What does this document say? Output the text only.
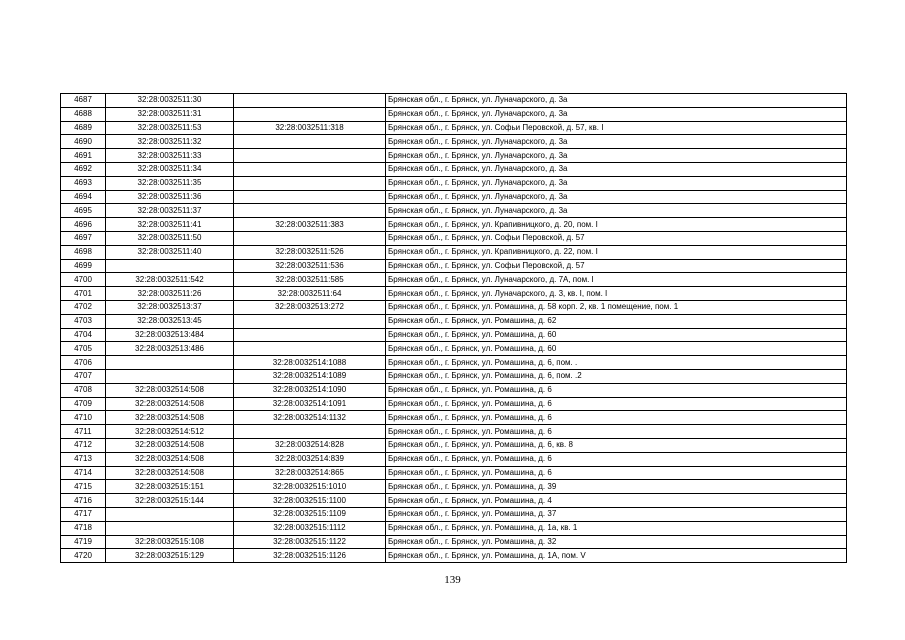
4687	32:28:0032511:30		Брянская обл., г. Брянск, ул. Луначарского, д. 3а
4688	32:28:0032511:31		Брянская обл., г. Брянск, ул. Луначарского, д. 3а
4689	32:28:0032511:53	32:28:0032511:318	Брянская обл., г. Брянск, ул. Софьи Перовской, д. 57, кв. I
4690	32:28:0032511:32		Брянская обл., г. Брянск, ул. Луначарского, д. 3а
4691	32:28:0032511:33		Брянская обл., г. Брянск, ул. Луначарского, д. 3а
4692	32:28:0032511:34		Брянская обл., г. Брянск, ул. Луначарского, д. 3а
4693	32:28:0032511:35		Брянская обл., г. Брянск, ул. Луначарского, д. 3а
4694	32:28:0032511:36		Брянская обл., г. Брянск, ул. Луначарского, д. 3а
4695	32:28:0032511:37		Брянская обл., г. Брянск, ул. Луначарского, д. 3а
4696	32:28:0032511:41	32:28:0032511:383	Брянская обл., г. Брянск, ул. Крапивницкого, д. 20, пом. I
4697	32:28:0032511:50		Брянская обл., г. Брянск, ул. Софьи Перовской, д. 57
4698	32:28:0032511:40	32:28:0032511:526	Брянская обл., г. Брянск, ул. Крапивницкого, д. 22, пом. I
4699		32:28:0032511:536	Брянская обл., г. Брянск, ул. Софьи Перовской, д. 57
4700	32:28:0032511:542	32:28:0032511:585	Брянская обл., г. Брянск, ул. Луначарского, д. 7А, пом. I
4701	32:28:0032511:26	32:28:0032511:64	Брянская обл., г. Брянск, ул. Луначарского, д. 3, кв. I, пом. I
4702	32:28:0032513:37	32:28:0032513:272	Брянская обл., г. Брянск, ул. Ромашина, д. 58 корп. 2, кв. 1 помещение, пом. 1
4703	32:28:0032513:45		Брянская обл., г. Брянск, ул. Ромашина, д. 62
4704	32:28:0032513:484		Брянская обл., г. Брянск, ул. Ромашина, д. 60
4705	32:28:0032513:486		Брянская обл., г. Брянск, ул. Ромашина, д. 60
4706		32:28:0032514:1088	Брянская обл., г. Брянск, ул. Ромашина, д. 6, пом. .
4707		32:28:0032514:1089	Брянская обл., г. Брянск, ул. Ромашина, д. 6, пом. .2
4708	32:28:0032514:508	32:28:0032514:1090	Брянская обл., г. Брянск, ул. Ромашина, д. 6
4709	32:28:0032514:508	32:28:0032514:1091	Брянская обл., г. Брянск, ул. Ромашина, д. 6
4710	32:28:0032514:508	32:28:0032514:1132	Брянская обл., г. Брянск, ул. Ромашина, д. 6
4711	32:28:0032514:512		Брянская обл., г. Брянск, ул. Ромашина, д. 6
4712	32:28:0032514:508	32:28:0032514:828	Брянская обл., г. Брянск, ул. Ромашина, д. 6, кв. 8
4713	32:28:0032514:508	32:28:0032514:839	Брянская обл., г. Брянск, ул. Ромашина, д. 6
4714	32:28:0032514:508	32:28:0032514:865	Брянская обл., г. Брянск, ул. Ромашина, д. 6
4715	32:28:0032515:151	32:28:0032515:1010	Брянская обл., г. Брянск, ул. Ромашина, д. 39
4716	32:28:0032515:144	32:28:0032515:1100	Брянская обл., г. Брянск, ул. Ромашина, д. 4
4717		32:28:0032515:1109	Брянская обл., г. Брянск, ул. Ромашина, д. 37
4718		32:28:0032515:1112	Брянская обл., г. Брянск, ул. Ромашина, д. 1а, кв. 1
4719	32:28:0032515:108	32:28:0032515:1122	Брянская обл., г. Брянск, ул. Ромашина, д. 32
4720	32:28:0032515:129	32:28:0032515:1126	Брянская обл., г. Брянск, ул. Ромашина, д. 1А, пом. V
139
